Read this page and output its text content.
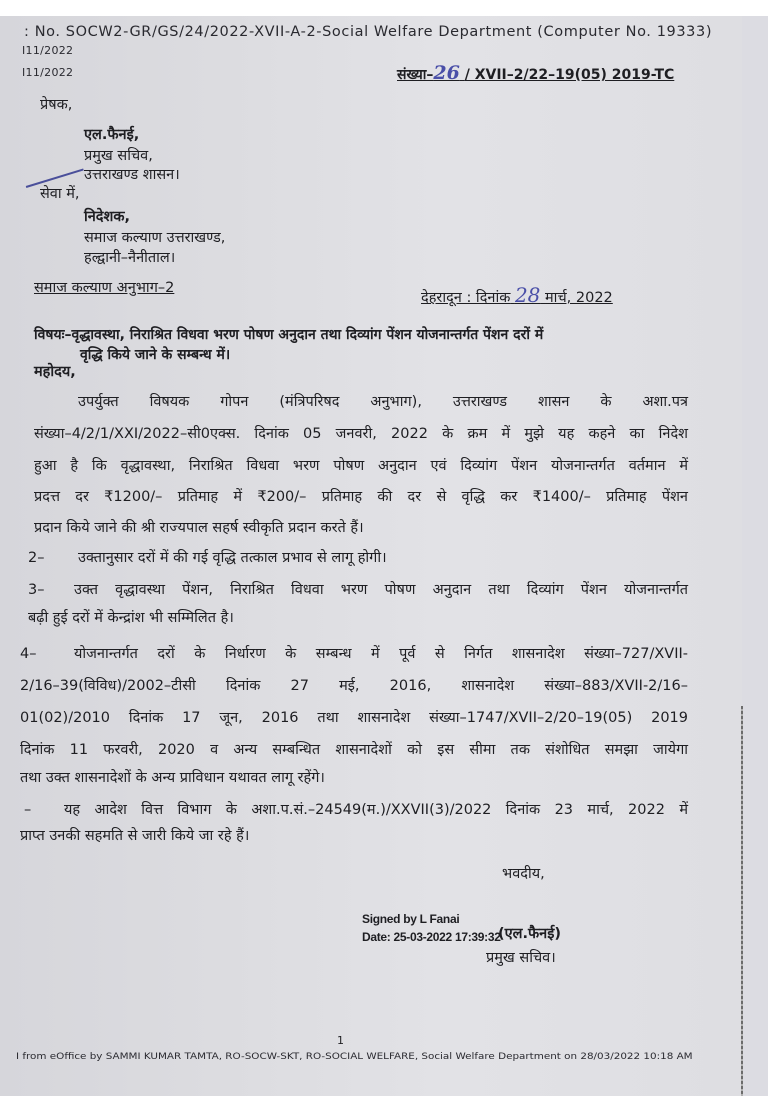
: No. SOCW2-GR/GS/24/2022-XVII-A-2-Social Welfare Department (Computer No. 19333)
I11/2022
I11/2022	संख्या–26 / XVII–2/22–19(05) 2019-TC
प्रेषक,
एल.फैनई,
प्रमुख सचिव,
उत्तराखण्ड शासन।
सेवा में,
निदेशक,
समाज कल्याण उत्तराखण्ड,
हल्द्वानी–नैनीताल।
समाज कल्याण अनुभाग–2
देहरादून : दिनांक 28 मार्च, 2022
विषयः–वृद्धावस्था, निराश्रित विधवा भरण पोषण अनुदान तथा दिव्यांग पेंशन योजनान्तर्गत पेंशन दरों में
वृद्धि किये जाने के सम्बन्ध में।
महोदय,
उपर्युक्त विषयक गोपन (मंत्रिपरिषद अनुभाग), उत्तराखण्ड शासन के अशा.पत्र
संख्या–4/2/1/XXI/2022–सी0एक्स. दिनांक 05 जनवरी, 2022 के क्रम में मुझे यह कहने का निदेश
हुआ है कि वृद्धावस्था, निराश्रित विधवा भरण पोषण अनुदान एवं दिव्यांग पेंशन योजनान्तर्गत वर्तमान में
प्रदत्त दर ₹1200/– प्रतिमाह में ₹200/– प्रतिमाह की दर से वृद्धि कर ₹1400/– प्रतिमाह पेंशन
प्रदान किये जाने की श्री राज्यपाल सहर्ष स्वीकृति प्रदान करते हैं।
2– उक्तानुसार दरों में की गई वृद्धि तत्काल प्रभाव से लागू होगी।
3– उक्त वृद्धावस्था पेंशन, निराश्रित विधवा भरण पोषण अनुदान तथा दिव्यांग पेंशन योजनान्तर्गत
बढ़ी हुई दरों में केन्द्रांश भी सम्मिलित है।
4–	योजनान्तर्गत दरों के निर्धारण के सम्बन्ध में पूर्व से निर्गत शासनादेश संख्या–727/XVII-
2/16–39(विविध)/2002–टीसी दिनांक 27 मई, 2016, शासनादेश संख्या–883/XVII-2/16–
01(02)/2010 दिनांक 17 जून, 2016 तथा शासनादेश संख्या–1747/XVII–2/20–19(05) 2019
दिनांक 11 फरवरी, 2020 व अन्य सम्बन्धित शासनादेशों को इस सीमा तक संशोधित समझा जायेगा
तथा उक्त शासनादेशों के अन्य प्राविधान यथावत लागू रहेंगे।
– यह आदेश वित्त विभाग के अशा.प.सं.–24549(म.)/XXVII(3)/2022 दिनांक 23 मार्च, 2022 में
प्राप्त उनकी सहमति से जारी किये जा रहे हैं।
भवदीय,
Signed by L Fanai
Date: 25-03-2022 17:39:32
(एल.फैनई)
प्रमुख सचिव।
1
I from eOffice by SAMMI KUMAR TAMTA, RO-SOCW-SKT, RO-SOCIAL WELFARE, Social Welfare Department on 28/03/2022 10:18 AM
